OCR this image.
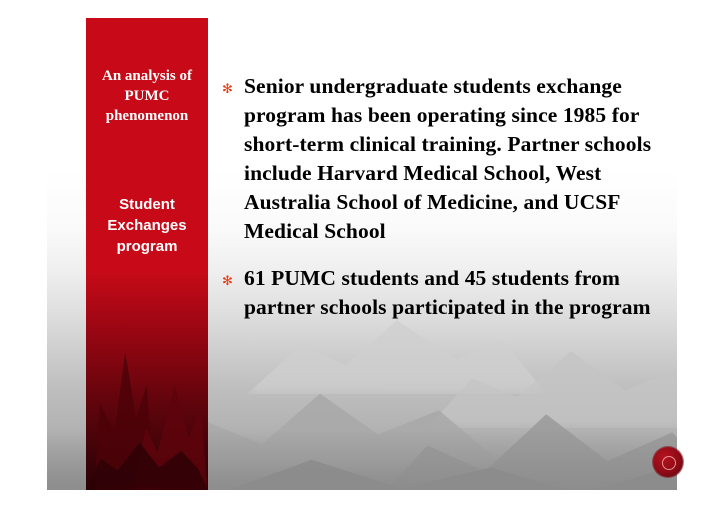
An analysis of PUMC phenomenon
Student Exchanges program
✻ Senior undergraduate students exchange program has been operating since 1985 for short-term clinical training. Partner schools include Harvard Medical School, West Australia School of Medicine, and UCSF Medical School
✻ 61 PUMC students and 45 students from partner schools participated in the program
